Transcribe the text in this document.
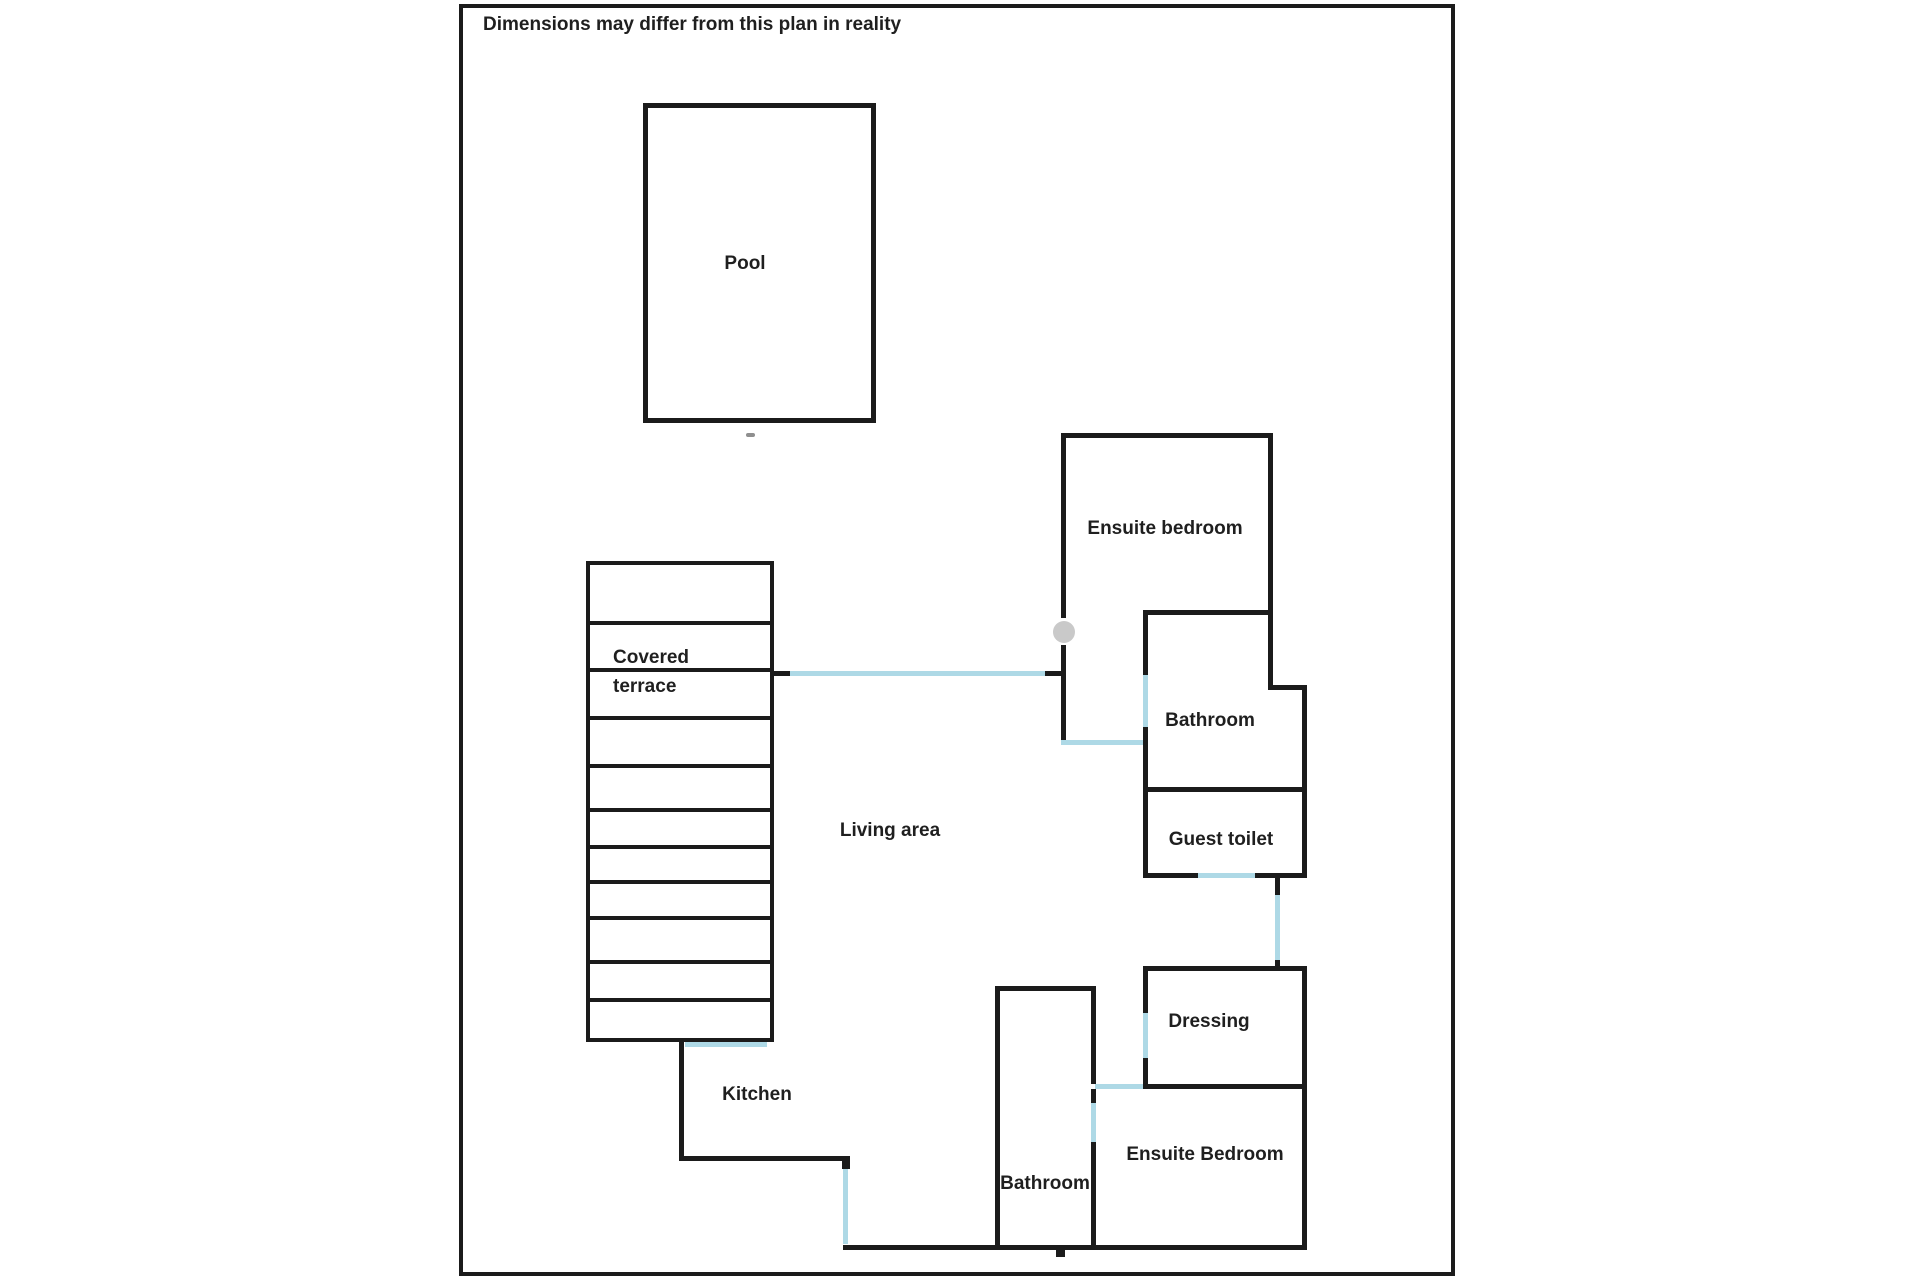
Dimensions may differ from this plan in reality
Pool
Covered
terrace
Living area
Kitchen
Ensuite bedroom
Bathroom
Guest toilet
Dressing
Ensuite Bedroom
Bathroom
